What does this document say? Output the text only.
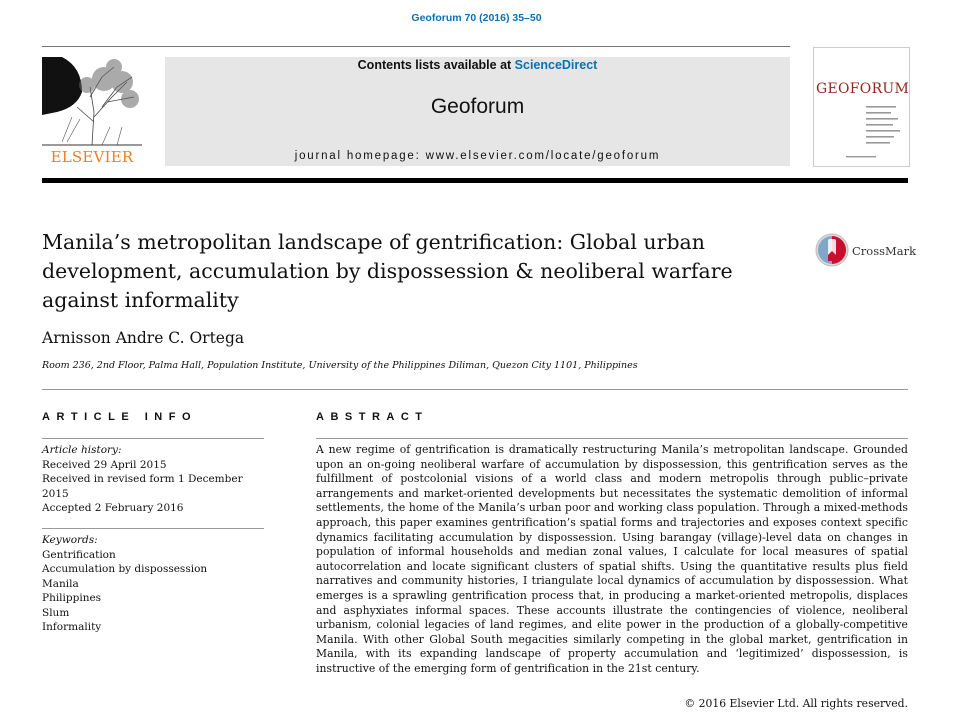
Geoforum 70 (2016) 35–50
ELSEVIER
Contents lists available at ScienceDirect
Geoforum
journal homepage: www.elsevier.com/locate/geoforum
GEOFORUM
Manila’s metropolitan landscape of gentrification: Global urban development, accumulation by dispossession & neoliberal warfare against informality
CrossMark
Arnisson Andre C. Ortega
Room 236, 2nd Floor, Palma Hall, Population Institute, University of the Philippines Diliman, Quezon City 1101, Philippines
ARTICLE INFO	ABSTRACT
Article history:
Received 29 April 2015
Received in revised form 1 December 2015
Accepted 2 February 2016
Keywords:
Gentrification
Accumulation by dispossession
Manila
Philippines
Slum
Informality

A new regime of gentrification is dramatically restructuring Manila’s metropolitan landscape. Grounded upon an on-going neoliberal warfare of accumulation by dispossession, this gentrification serves as the fulfillment of postcolonial visions of a world class and modern metropolis through public–private arrangements and market-oriented developments but necessitates the systematic demolition of informal settlements, the home of the Manila’s urban poor and working class population. Through a mixed-methods approach, this paper examines gentrification’s spatial forms and trajectories and exposes context specific dynamics facilitating accumulation by dispossession. Using barangay (village)-level data on changes in population of informal households and median zonal values, I calculate for local measures of spatial autocorrelation and locate significant clusters of spatial shifts. Using the quantitative results plus field narratives and community histories, I triangulate local dynamics of accumulation by dispossession. What emerges is a sprawling gentrification process that, in producing a market-oriented metropolis, displaces and asphyxiates informal spaces. These accounts illustrate the contingencies of violence, neoliberal urbanism, colonial legacies of land regimes, and elite power in the production of a globally-competitive Manila. With other Global South megacities similarly competing in the global market, gentrification in Manila, with its expanding landscape of property accumulation and ‘legitimized’ dispossession, is instructive of the emerging form of gentrification in the 21st century.

© 2016 Elsevier Ltd. All rights reserved.
